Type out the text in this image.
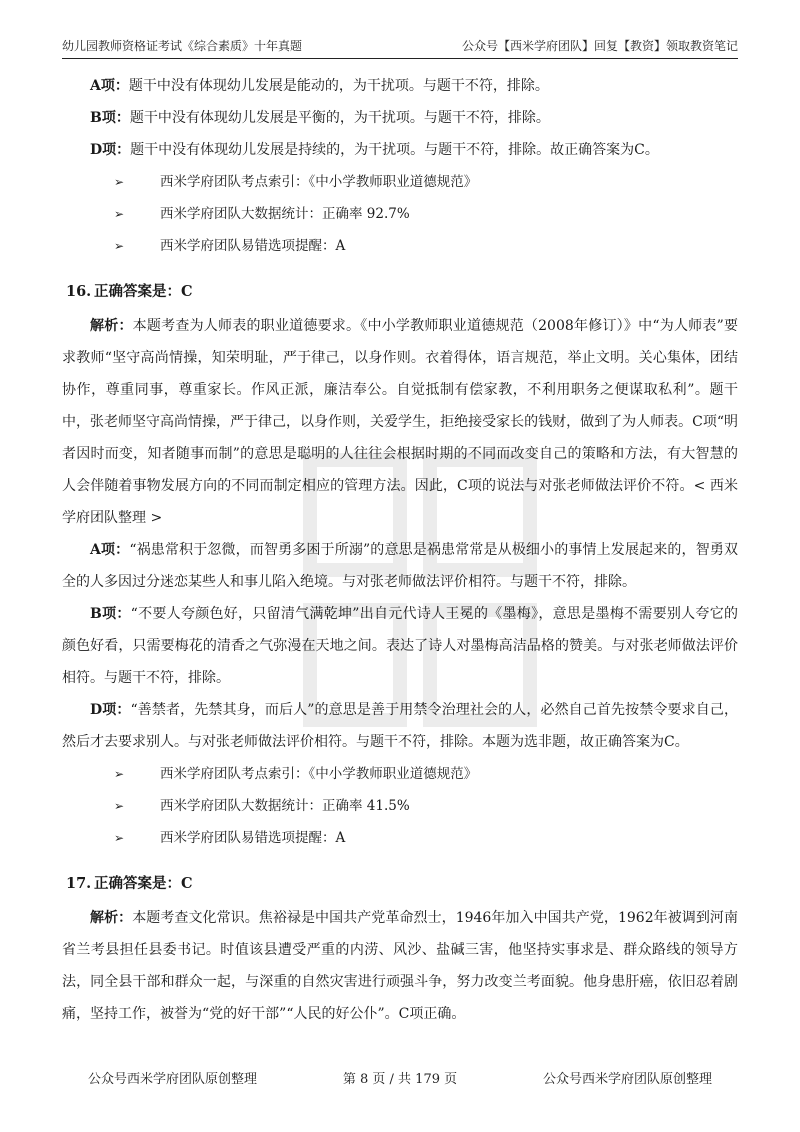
幼儿园教师资格证考试《综合素质》十年真题	公众号【西米学府团队】回复【教资】领取教资笔记

A项：题干中没有体现幼儿发展是能动的，为干扰项。与题干不符，排除。

B项：题干中没有体现幼儿发展是平衡的，为干扰项。与题干不符，排除。

D项：题干中没有体现幼儿发展是持续的，为干扰项。与题干不符，排除。故正确答案为C。

➢	西米学府团队考点索引：《中小学教师职业道德规范》
➢	西米学府团队大数据统计：正确率 92.7%
➢	西米学府团队易错选项提醒：A
16. 正确答案是：C

解析：本题考查为人师表的职业道德要求。《中小学教师职业道德规范（2008年修订）》中“为人师表”要求教师“坚守高尚情操，知荣明耻，严于律己，以身作则。衣着得体，语言规范，举止文明。关心集体，团结协作，尊重同事，尊重家长。作风正派，廉洁奉公。自觉抵制有偿家教，不利用职务之便谋取私利”。题干中，张老师坚守高尚情操，严于律己，以身作则，关爱学生，拒绝接受家长的钱财，做到了为人师表。C项“明者因时而变，知者随事而制”的意思是聪明的人往往会根据时期的不同而改变自己的策略和方法，有大智慧的人会伴随着事物发展方向的不同而制定相应的管理方法。因此，C项的说法与对张老师做法评价不符。< 西米学府团队整理 >

A项：“祸患常积于忽微，而智勇多困于所溺”的意思是祸患常常是从极细小的事情上发展起来的，智勇双全的人多因过分迷恋某些人和事儿陷入绝境。与对张老师做法评价相符。与题干不符，排除。

B项：“不要人夸颜色好，只留清气满乾坤”出自元代诗人王冕的《墨梅》，意思是墨梅不需要别人夸它的颜色好看，只需要梅花的清香之气弥漫在天地之间。表达了诗人对墨梅高洁品格的赞美。与对张老师做法评价相符。与题干不符，排除。

D项：“善禁者，先禁其身，而后人”的意思是善于用禁令治理社会的人，必然自己首先按禁令要求自己，然后才去要求别人。与对张老师做法评价相符。与题干不符，排除。本题为选非题，故正确答案为C。

➢	西米学府团队考点索引：《中小学教师职业道德规范》
➢	西米学府团队大数据统计：正确率 41.5%
➢	西米学府团队易错选项提醒：A
17. 正确答案是：C

解析：本题考查文化常识。焦裕禄是中国共产党革命烈士，1946年加入中国共产党，1962年被调到河南省兰考县担任县委书记。时值该县遭受严重的内涝、风沙、盐碱三害，他坚持实事求是、群众路线的领导方法，同全县干部和群众一起，与深重的自然灾害进行顽强斗争，努力改变兰考面貌。他身患肝癌，依旧忍着剧痛，坚持工作，被誉为“党的好干部”“人民的好公仆”。C项正确。

公众号西米学府团队原创整理	第 8 页 / 共 179 页	公众号西米学府团队原创整理
